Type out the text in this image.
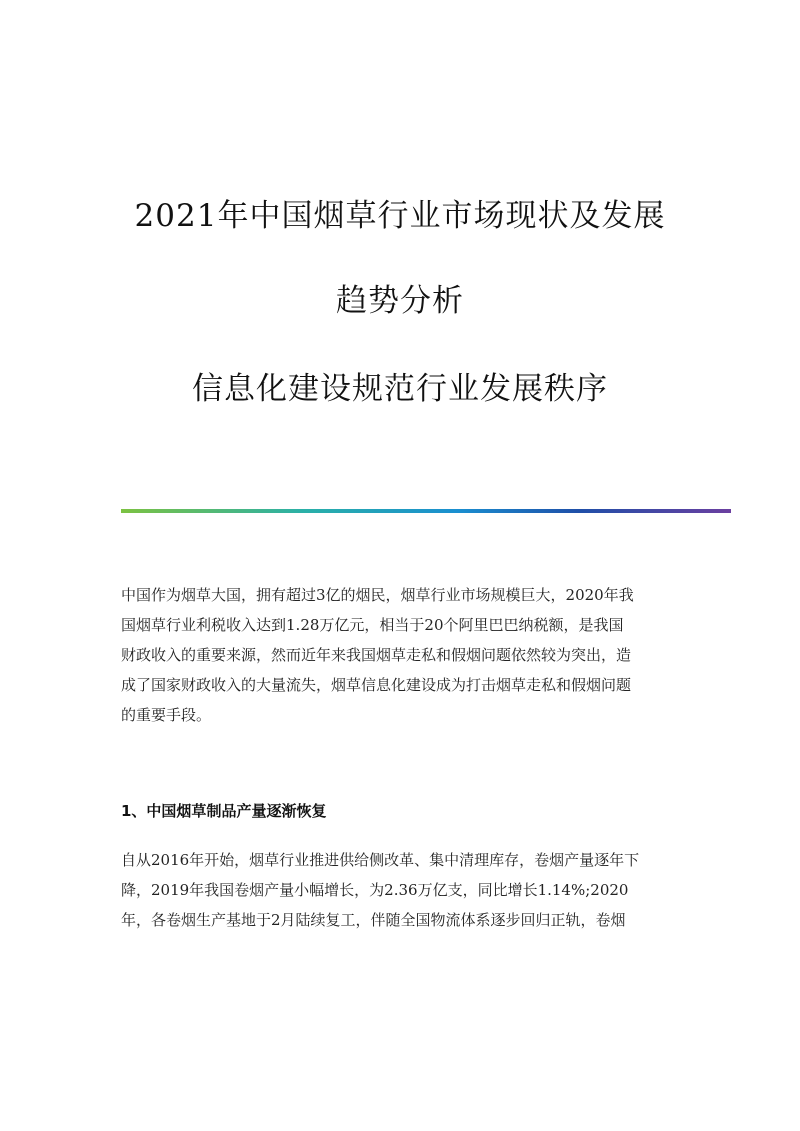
2021年中国烟草行业市场现状及发展
趋势分析
信息化建设规范行业发展秩序
中国作为烟草大国，拥有超过3亿的烟民，烟草行业市场规模巨大，2020年我
国烟草行业利税收入达到1.28万亿元，相当于20个阿里巴巴纳税额，是我国
财政收入的重要来源，然而近年来我国烟草走私和假烟问题依然较为突出，造
成了国家财政收入的大量流失，烟草信息化建设成为打击烟草走私和假烟问题
的重要手段。
1、中国烟草制品产量逐渐恢复
自从2016年开始，烟草行业推进供给侧改革、集中清理库存，卷烟产量逐年下
降，2019年我国卷烟产量小幅增长，为2.36万亿支，同比增长1.14%;2020
年，各卷烟生产基地于2月陆续复工，伴随全国物流体系逐步回归正轨，卷烟
